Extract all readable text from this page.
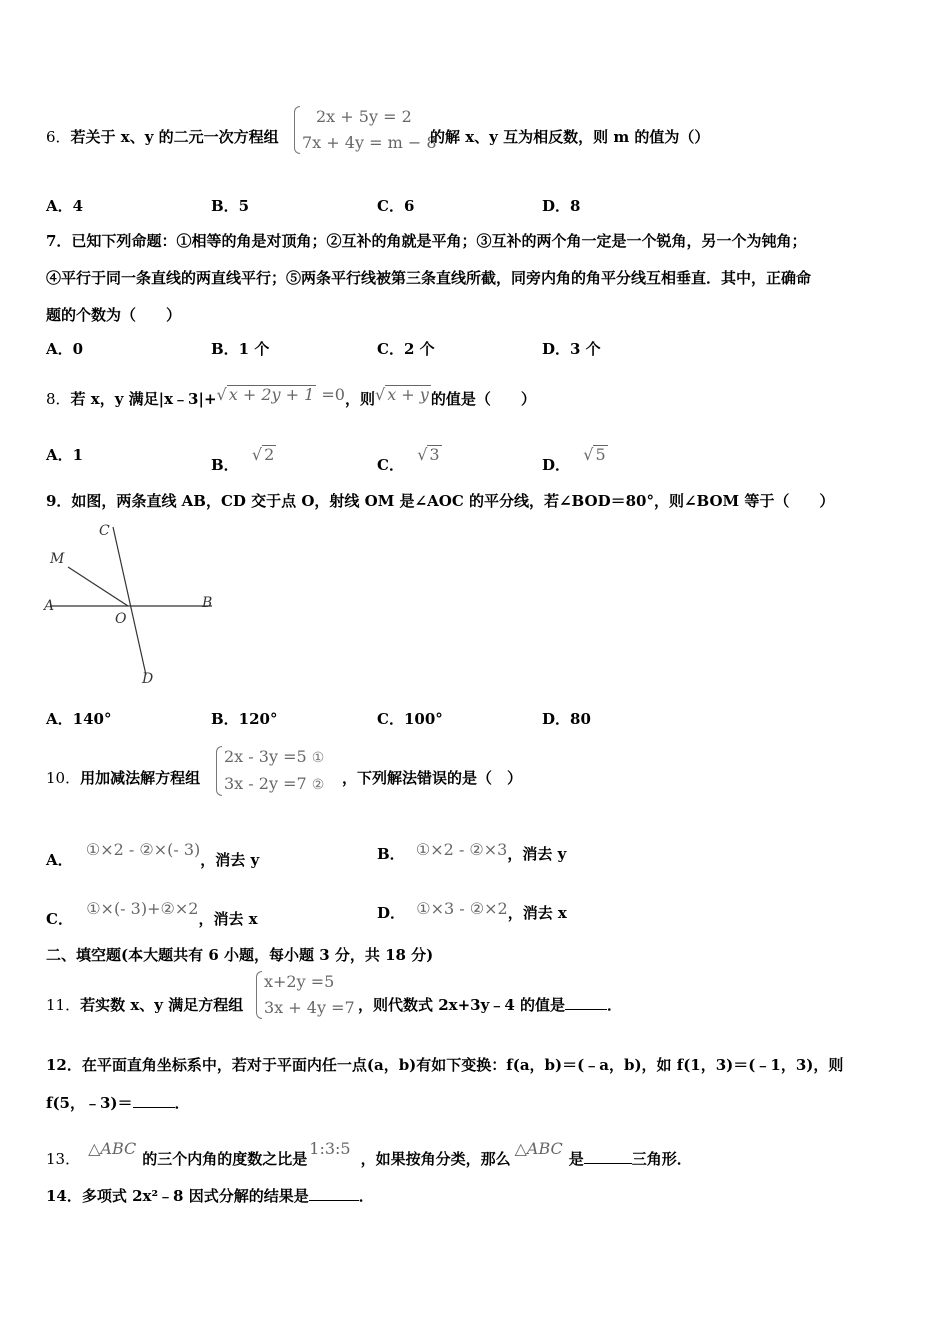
6．若关于 x、y 的二元一次方程组
2x + 5y = 2
7x + 4y = m − 8
的解 x、y 互为相反数，则 m 的值为（）
A．4	B．5	C．6	D．8
7．已知下列命题：①相等的角是对顶角；②互补的角就是平角；③互补的两个角一定是一个锐角，另一个为钝角；
④平行于同一条直线的两直线平行；⑤两条平行线被第三条直线所截，同旁内角的角平分线互相垂直．其中，正确命
题的个数为（　　）
A．0	B．1 个	C．2 个	D．3 个
8．若 x，y 满足|x﹣3|+√ x + 2y + 1 =0，则√ x + y 的值是（　　）
A．1
B． √ 2
C． √ 3
D． √ 5
9．如图，两条直线 AB，CD 交于点 O，射线 OM 是∠AOC 的平分线，若∠BOD＝80°，则∠BOM 等于（　　）
C
M
A	B
O
D
A．140°	B．120°	C．100°	D．80
10．用加减法解方程组
2x - 3y =5 ①
3x - 2y =7 ② ，下列解法错误的是（　）
A． ①×2 - ②×(- 3)，消去 y	B． ①×2 - ②×3，消去 y
C． ①×(- 3)+②×2，消去 x	D． ①×3 - ②×2，消去 x
二、填空题(本大题共有 6 小题，每小题 3 分，共 18 分)
11．若实数 x、y 满足方程组
x+2y =5
3x + 4y =7 ，则代数式 2x+3y﹣4 的值是	．
12．在平面直角坐标系中，若对于平面内任一点(a，b)有如下变换：f(a，b)＝(﹣a，b)，如 f(1，3)＝(﹣1，3)，则
f(5，﹣3)＝	．
13．△ABC的三个内角的度数之比是1:3:5，如果按角分类，那么△ABC是	三角形．
14．多项式 2x²﹣8 因式分解的结果是	．
